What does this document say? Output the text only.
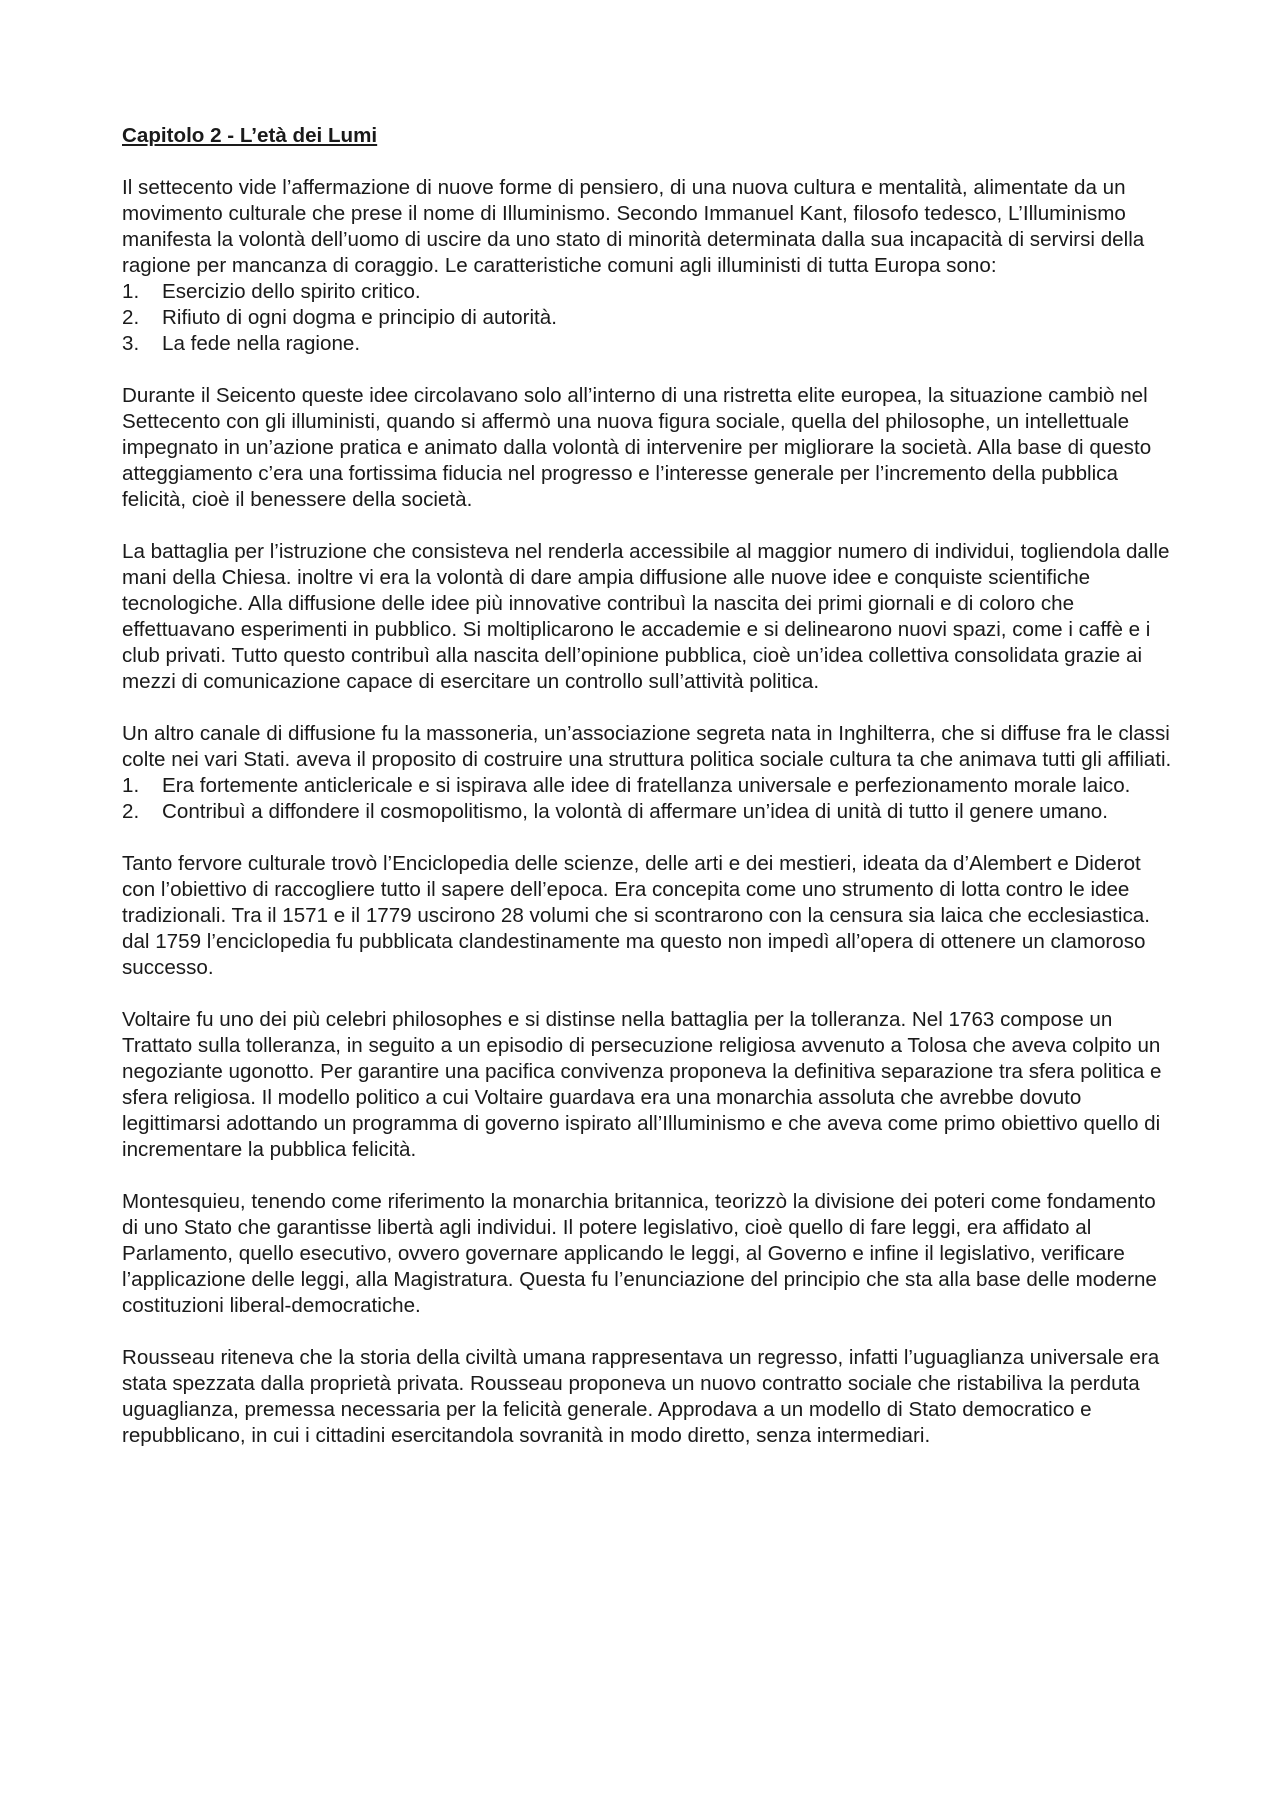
Capitolo 2 - L’età dei Lumi
Il settecento vide l’affermazione di nuove forme di pensiero, di una nuova cultura e mentalità, alimentate da un movimento culturale che prese il nome di Illuminismo. Secondo Immanuel Kant, filosofo tedesco, L’Illuminismo manifesta la volontà dell’uomo di uscire da uno stato di minorità determinata dalla sua incapacità di servirsi della ragione per mancanza di coraggio. Le caratteristiche comuni agli illuministi di tutta Europa sono:
1.	Esercizio dello spirito critico.
2.	Rifiuto di ogni dogma e principio di autorità.
3.	La fede nella ragione.
Durante il Seicento queste idee circolavano solo all’interno di una ristretta elite europea, la situazione cambiò nel Settecento con gli illuministi, quando si affermò una nuova figura sociale, quella del philosophe, un intellettuale impegnato in un’azione pratica e animato dalla volontà di intervenire per migliorare la società. Alla base di questo atteggiamento c’era una fortissima fiducia nel progresso e l’interesse generale per l’incremento della pubblica felicità, cioè il benessere della società.
La battaglia per l’istruzione che consisteva nel renderla accessibile al maggior numero di individui, togliendola dalle mani della Chiesa. inoltre vi era la volontà di dare ampia diffusione alle nuove idee e conquiste scientifiche tecnologiche. Alla diffusione delle idee più innovative contribuì la nascita dei primi giornali e di coloro che effettuavano esperimenti in pubblico. Si moltiplicarono le accademie e si delinearono nuovi spazi, come i caffè e i club privati. Tutto questo contribuì alla nascita dell’opinione pubblica, cioè un’idea collettiva consolidata grazie ai mezzi di comunicazione capace di esercitare un controllo sull’attività politica.
Un altro canale di diffusione fu la massoneria, un’associazione segreta nata in Inghilterra, che si diffuse fra le classi colte nei vari Stati. aveva il proposito di costruire una struttura politica sociale cultura ta che animava tutti gli affiliati.
1.	Era fortemente anticlericale e si ispirava alle idee di fratellanza universale e perfezionamento morale laico.
2.	Contribuì a diffondere il cosmopolitismo, la volontà di affermare un’idea di unità di tutto il genere umano.
Tanto fervore culturale trovò l’Enciclopedia delle scienze, delle arti e dei mestieri, ideata da d’Alembert e Diderot con l’obiettivo di raccogliere tutto il sapere dell’epoca. Era concepita come uno strumento di lotta contro le idee tradizionali. Tra il 1571 e il 1779 uscirono 28 volumi che si scontrarono con la censura sia laica che ecclesiastica. dal 1759 l’enciclopedia fu pubblicata clandestinamente ma questo non impedì all’opera di ottenere un clamoroso successo.
Voltaire fu uno dei più celebri philosophes e si distinse nella battaglia per la tolleranza. Nel 1763 compose un Trattato sulla tolleranza, in seguito a un episodio di persecuzione religiosa avvenuto a Tolosa che aveva colpito un negoziante ugonotto. Per garantire una pacifica convivenza proponeva la definitiva separazione tra sfera politica e sfera religiosa. Il modello politico a cui Voltaire guardava era una monarchia assoluta che avrebbe dovuto legittimarsi adottando un programma di governo ispirato all’Illuminismo e che aveva come primo obiettivo quello di incrementare la pubblica felicità.
Montesquieu, tenendo come riferimento la monarchia britannica, teorizzò la divisione dei poteri come fondamento di uno Stato che garantisse libertà agli individui. Il potere legislativo, cioè quello di fare leggi, era affidato al Parlamento, quello esecutivo, ovvero governare applicando le leggi, al Governo e infine il legislativo, verificare l’applicazione delle leggi, alla Magistratura. Questa fu l’enunciazione del principio che sta alla base delle moderne costituzioni liberal-democratiche.
Rousseau riteneva che la storia della civiltà umana rappresentava un regresso, infatti l’uguaglianza universale era stata spezzata dalla proprietà privata. Rousseau proponeva un nuovo contratto sociale che ristabiliva la perduta uguaglianza, premessa necessaria per la felicità generale. Approdava a un modello di Stato democratico e repubblicano, in cui i cittadini esercitandola sovranità in modo diretto, senza intermediari.
